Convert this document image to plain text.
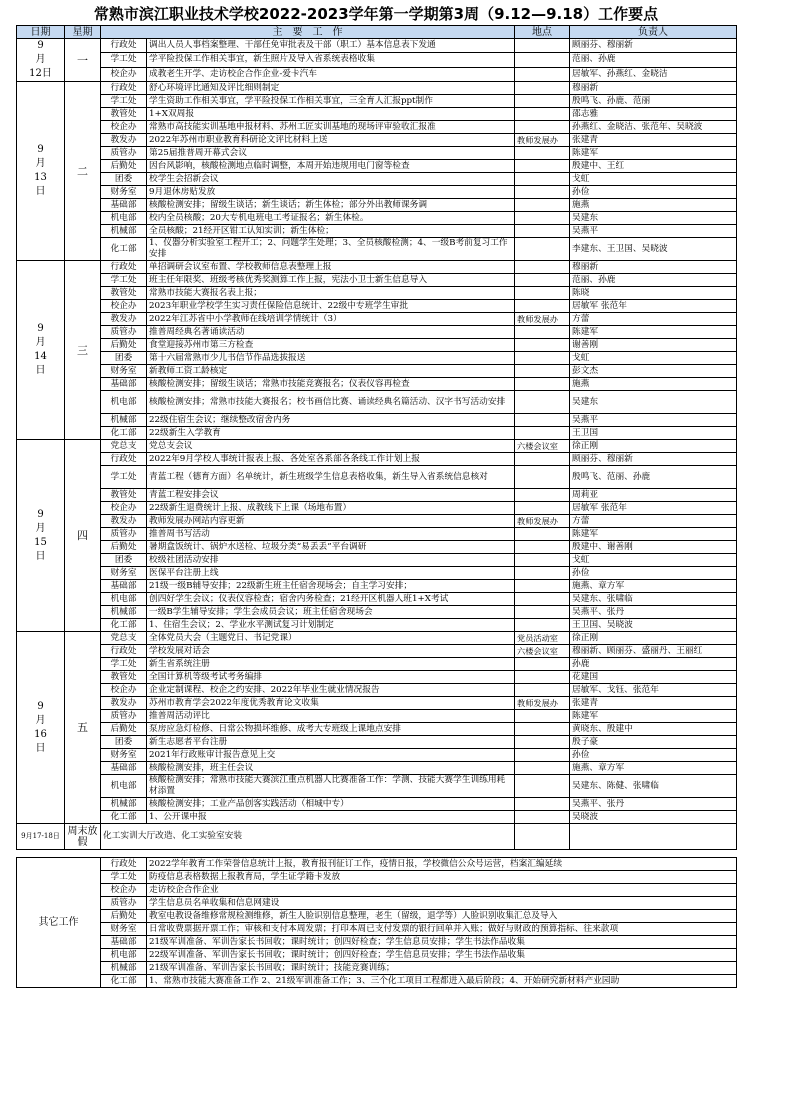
常熟市滨江职业技术学校2022-2023学年第一学期第3周（9.12—9.18）工作要点
日期	星期	主　要　工　作		地点	负责人
9
月
12日	一	行政处	调出人员人事档案整理、干部任免审批表及干部（职工）基本信息表下发通		顾丽芬、穆丽新
		学工处	学平险投保工作相关事宜，新生照片及导入省系统表格收集		范丽、孙鹿
		校企办	成教老生开学、走访校企合作企业-爱卡汽车		居敏军、孙燕红、金晓洁
9
月
13
日	二	行政处	舒心环境评比通知及评比细则制定		穆丽新
		学工处	学生资助工作相关事宜，学平险投保工作相关事宜，三全育人汇报ppt制作		殷鸣飞、孙鹿、范丽
		教管处	1+X双周报		邵志雅
		校企办	常熟市高技能实训基地申报材料、苏州工匠实训基地的现场评审验收汇报准		孙燕红、金晓洁、张范年、吴晓波
		教发办	2022年苏州市职业教育科研论文评比材料上送	教师发展办	张建青
		质管办	第25届推普周开幕式会议		陈建军
		后勤处	因台风影响，核酸检测地点临时调整，本周开始违规用电门窗等检查		殷建中、王红
		团委	校学生会招新会议		戈虹
		财务室	9月退休房贴发放		孙俭
		基础部	核酸检测安排；留级生谈话；新生谈话；新生体检；部分外出教师课务调		施燕
		机电部	校内全员核酸；20大专机电班电工考证报名；新生体检。		吴建东
		机械部	全员核酸；21经开区钳工认知实训；新生体检；		吴燕平
		化工部	1、仪器分析实验室工程开工；2、问题学生处理；3、全员核酸检测；4、一级B考前复习工作安排		李建东、王卫国、吴晓波
9
月
14
日	三	行政处	单招调研会议室布置、学校教师信息表整理上报		穆丽新
		学工处	班主任年限奖、班级考核优秀奖测算工作上报，宪法小卫士新生信息导入		范丽、孙鹿
		教管处	常熟市技能大赛报名表上报；		陈晓
		校企办	2023年职业学校学生实习责任保险信息统计、22级中专班学生审批		居敏军 张范年
		教发办	2022年江苏省中小学教师在线培训学情统计（3）	教师发展办	方蕾
		质管办	推普周经典名著诵读活动		陈建军
		后勤处	食堂迎接苏州市第三方检查		谢善刚
		团委	第十六届常熟市少儿书信节作品选拔报送		戈虹
		财务室	新教师工资工龄核定		彭文杰
		基础部	核酸检测安排；留级生谈话；常熟市技能竞赛报名；仪表仪容再检查		施燕
		机电部	核酸检测安排；常熟市技能大赛报名；校书画信比赛、诵读经典名篇活动、汉字书写活动安排		吴建东
		机械部	22级住宿生会议；继续整改宿舍内务		吴燕平
		化工部	22级新生入学教育		王卫国
9
月
15
日	四	党总支	党总支会议	六楼会议室	徐正刚
		行政处	2022年9月学校人事统计报表上报、各处室各系部各条线工作计划上报		顾丽芬、穆丽新
		学工处	青蓝工程（德育方面）名单统计，新生班级学生信息表格收集，新生导入省系统信息核对		殷鸣飞、范丽、孙鹿
		教管处	青蓝工程安排会议		周莉亚
		校企办	22级新生退费统计上报、成教线下上课（场地布置）		居敏军 张范年
		教发办	教师发展办网站内容更新	教师发展办	方蕾
		质管办	推普周书写活动		陈建军
		后勤处	暑期盒饭统计、锅炉水送检、垃圾分类“易丢丢”平台调研		殷建中、谢善刚
		团委	校级社团活动安排		戈虹
		财务室	医保平台注册上线		孙俭
		基础部	21级一级B辅导安排；22级新生班主任宿舍现场会；自主学习安排；		施燕、章方军
		机电部	创四好学生会议；仪表仪容检查；宿舍内务检查；21经开区机器人班1+X考试		吴建东、张啸临
		机械部	一级B学生辅导安排；学生会成员会议；班主任宿舍现场会		吴燕平、张丹
		化工部	1、住宿生会议；2、学业水平测试复习计划制定		王卫国、吴晓波
9
月
16
日	五	党总支	全体党员大会（主题党日、书记党课）	党员活动室	徐正刚
		行政处	学校发展对话会	六楼会议室	穆丽新、顾丽芬、盛丽丹、王丽红
		学工处	新生省系统注册		孙鹿
		教管处	全国计算机等级考试考务编排		花建国
		校企办	企业定制课程、校企之约安排、2022年毕业生就业情况报告		居敏军、戈钰、张范年
		教发办	苏州市教育学会2022年度优秀教育论文收集	教师发展办	张建青
		质管办	推普周活动评比		陈建军
		后勤处	泵房应急灯检修、日常公物损坏维修、成考大专班级上课地点安排		黄晓东、殷建中
		团委	新生志愿者平台注册		殷子豪
		财务室	2021年行政账审计报告意见上交		孙俭
		基础部	核酸检测安排，班主任会议		施燕、章方军
		机电部	核酸检测安排；常熟市技能大赛滨江重点机器人比赛准备工作：学测、技能大赛学生训练用耗材添置		吴建东、陈健、张啸临
		机械部	核酸检测安排；工业产品创客实践活动（相城中专）		吴燕平、张丹
		化工部	1、公开课申报		吴晓波
9月17-18日	周末放假	化工实训大厅改造、化工实验室安装			

其它工作		行政处	2022学年教育工作荣誉信息统计上报，教育报刊征订工作，疫情日报，学校微信公众号运营，档案汇编延续		
		学工处	防疫信息表格数据上报教育局，学生证学籍卡发放		
		校企办	走访校企合作企业		
		质管办	学生信息员名单收集和信息网建设		
		后勤处	教室电教设备维修常规检测维修，新生人脸识别信息整理，老生（留级，退学等）人脸识别收集汇总及导入		
		财务室	日常收费票据开票工作；审核和支付本周发票；打印本周已支付发票的银行回单并入账；做好与财政的预算指标、往来款项		
		基础部	21级军训准备、军训告家长书回收；课时统计；创四好检查；学生信息员安排；学生书法作品收集		
		机电部	22级军训准备、军训告家长书回收；课时统计；创四好检查；学生信息员安排；学生书法作品收集		
		机械部	21级军训准备、军训告家长书回收；课时统计；技能竞赛训练；		
		化工部	1、常熟市技能大赛准备工作 2、21级军训准备工作；3、三个化工项目工程都进入最后阶段；4、开始研究新材料产业园助		
